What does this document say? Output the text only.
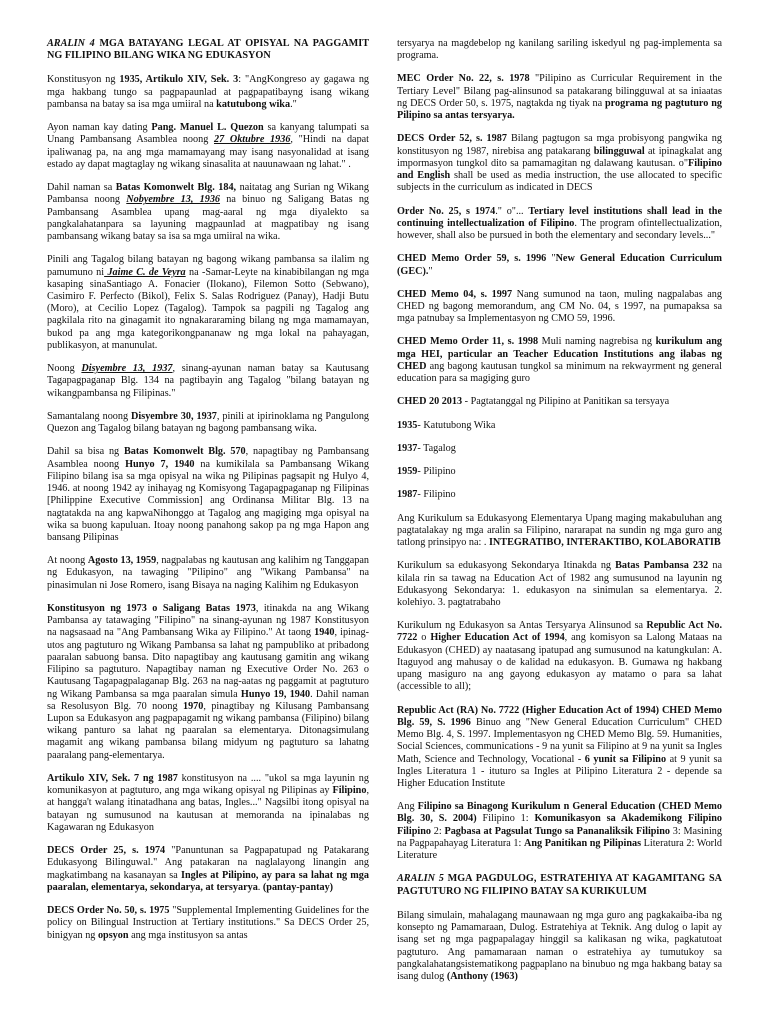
ARALIN 4 MGA BATAYANG LEGAL AT OPISYAL NA PAGGAMIT NG FILIPINO BILANG WIKA NG EDUKASYON

Konstitusyon ng 1935, Artikulo XIV, Sek. 3: "AngKongreso ay gagawa ng mga hakbang tungo sa pagpapaunlad at pagpapatibayng isang wikang pambansa na batay sa isa mga umiiral na katutubong wika."

Ayon naman kay dating Pang. Manuel L. Quezon sa kanyang talumpati sa Unang Pambansang Asamblea noong 27 Oktubre 1936, "Hindi na dapat ipaliwanag pa, na ang mga mamamayang may isang nasyonalidad at isang estado ay dapat magtaglay ng wikang sinasalita at nauunawaan ng lahat." .

Dahil naman sa Batas Komonwelt Blg. 184, naitatag ang Surian ng Wikang Pambansa noong Nobyembre 13, 1936 na binuo ng Saligang Batas ng Pambansang Asamblea upang mag-aaral ng mga diyalekto sa pangkalahatanpara sa layuning magpaunlad at magpatibay ng isang pambansang wikang batay sa isa sa mga umiiral na wika.

Pinili ang Tagalog bilang batayan ng bagong wikang pambansa sa ilalim ng pamumuno ni Jaime C. de Veyra na -Samar-Leyte na kinabibilangan ng mga kasaping sinaSantiago A. Fonacier (Ilokano), Filemon Sotto (Sebwano), Casimiro F. Perfecto (Bikol), Felix S. Salas Rodriguez (Panay), Hadji Butu (Moro), at Cecilio Lopez (Tagalog). Tampok sa pagpili ng Tagalog ang pagkilala rito na ginagamit ito ngnakararaming bilang ng mga mamamayan, bukod pa ang mga kategorikongpananaw ng mga lokal na pahayagan, publikasyon, at manunulat.

Noong Disyembre 13, 1937, sinang-ayunan naman batay sa Kautusang Tagapagpaganap Blg. 134 na pagtibayin ang Tagalog "bilang batayan ng wikangpambansa ng Filipinas."

Samantalang noong Disyembre 30, 1937, pinili at ipirinoklama ng Pangulong Quezon ang Tagalog bilang batayan ng bagong pambansang wika.

Dahil sa bisa ng Batas Komonwelt Blg. 570, napagtibay ng Pambansang Asamblea noong Hunyo 7, 1940 na kumikilala sa Pambansang Wikang Filipino bilang isa sa mga opisyal na wika ng Pilipinas pagsapit ng Hulyo 4, 1946. at noong 1942 ay inihayag ng Komisyong Tagapagpaganap ng Filipinas [Philippine Executive Commission] ang Ordinansa Militar Blg. 13 na nagtatakda na ang kapwaNihonggo at Tagalog ang magiging mga opisyal na wika sa buong kapuluan. Itoay noong panahong sakop pa ng mga Hapon ang bansang Pilipinas

At noong Agosto 13, 1959, nagpalabas ng kautusan ang kalihim ng Tanggapan ng Edukasyon, na tawaging "Pilipino" ang "Wikang Pambansa" na pinasimulan ni Jose Romero, isang Bisaya na naging Kalihim ng Edukasyon

Konstitusyon ng 1973 o Saligang Batas 1973, itinakda na ang Wikang Pambansa ay tatawaging "Filipino" na sinang-ayunan ng 1987 Konstitusyon na nagsasaad na "Ang Pambansang Wika ay Filipino." At taong 1940, ipinag-utos ang pagtuturo ng Wikang Pambansa sa lahat ng pampubliko at pribadong paaralan sabuong bansa. Dito napagtibay ang kautusang gamitin ang wikang Filipino sa pagtuturo. Napagtibay naman ng Executive Order No. 263 o Kautusang Tagapagpalaganap Blg. 263 na nag-aatas ng paggamit at pagtuturo ng Wikang Pambansa sa mga paaralan simula Hunyo 19, 1940. Dahil naman sa Resolusyon Blg. 70 noong 1970, pinagtibay ng Kilusang Pambansang Lupon sa Edukasyon ang pagpapagamit ng wikang pambansa (Filipino) bilang wikang panturo sa lahat ng paaralan sa elementarya. Ditonagsimulang magamit ang wikang pambansa bilang midyum ng pagtuturo sa lahatng paaralang pang-elementarya.

Artikulo XIV, Sek. 7 ng 1987 konstitusyon na .... "ukol sa mga layunin ng komunikasyon at pagtuturo, ang mga wikang opisyal ng Pilipinas ay Filipino, at hangga't walang itinatadhana ang batas, Ingles..." Nagsilbi itong opisyal na batayan ng sumusunod na kautusan at memoranda na ipinalabas ng Kagawaran ng Edukasyon

DECS Order 25, s. 1974 "Panuntunan sa Pagpapatupad ng Patakarang Edukasyong Bilinguwal." Ang patakaran na naglalayong linangin ang magkatimbang na kasanayan sa Ingles at Pilipino, ay para sa lahat ng mga paaralan, elementarya, sekondarya, at tersyarya. (pantay-pantay)

DECS Order No. 50, s. 1975 "Supplemental Implementing Guidelines for the policy on Bilingual Instruction at Tertiary institutions." Sa DECS Order 25, binigyan ng opsyon ang mga institusyon sa antas

tersyarya na magdebelop ng kanilang sariling iskedyul ng pag-implementa sa programa.

MEC Order No. 22, s. 1978 "Pilipino as Curricular Requirement in the Tertiary Level" Bilang pag-alinsunod sa patakarang bilingguwal at sa iniaatas ng DECS Order 50, s. 1975, nagtakda ng tiyak na programa ng pagtuturo ng Pilipino sa antas tersyarya.

DECS Order 52, s. 1987 Bilang pagtugon sa mga probisyong pangwika ng konstitusyon ng 1987, nirebisa ang patakarang bilingguwal at ipinagkalat ang impormasyon tungkol dito sa pamamagitan ng dalawang kautusan. o"Filipino and English shall be used as media instruction, the use allocated to specific subjects in the curriculum as indicated in DECS

Order No. 25, s 1974." o"... Tertiary level institutions shall lead in the continuing intellectualization of Filipino. The program ofintellectualization, however, shall also be pursued in both the elementary and secondary levels..."

CHED Memo Order 59, s. 1996 "New General Education Curriculum (GEC)."

CHED Memo 04, s. 1997 Nang sumunod na taon, muling nagpalabas ang CHED ng bagong memorandum, ang CM No. 04, s 1997, na pumapaksa sa mga patnubay sa Implementasyon ng CMO 59, 1996.

CHED Memo Order 11, s. 1998 Muli naming nagrebisa ng kurikulum ang mga HEI, particular an Teacher Education Institutions ang ilabas ng CHED ang bagong kautusan tungkol sa minimum na rekwayrment ng general education para sa magiging guro

CHED 20 2013 - Pagtatanggal ng Pilipino at Panitikan sa tersyaya

1935- Katutubong Wika

1937- Tagalog

1959- Pilipino

1987- Filipino

Ang Kurikulum sa Edukasyong Elementarya Upang maging makabuluhan ang pagtatalakay ng mga aralin sa Filipino, nararapat na sundin ng mga guro ang tatlong prinsipyo na: . INTEGRATIBO, INTERAKTIBO, KOLABORATIB

Kurikulum sa edukasyong Sekondarya Itinakda ng Batas Pambansa 232 na kilala rin sa tawag na Education Act of 1982 ang sumusunod na layunin ng Edukasyong Sekondarya: 1. edukasyon na sinimulan sa elementarya. 2. kolehiyo. 3. pagtatrabaho

Kurikulum ng Edukasyon sa Antas Tersyarya Alinsunod sa Republic Act No. 7722 o Higher Education Act of 1994, ang komisyon sa Lalong Mataas na Edukasyon (CHED) ay naatasang ipatupad ang sumusunod na katungkulan: A. Itaguyod ang mahusay o de kalidad na edukasyon. B. Gumawa ng hakbang upang masiguro na ang gayong edukasyon ay matamo o para sa lahat (accessible to all);

Republic Act (RA) No. 7722 (Higher Education Act of 1994) CHED Memo Blg. 59, S. 1996 Binuo ang "New General Education Curriculum" CHED Memo Blg. 4, S. 1997. Implementasyon ng CHED Memo Blg. 59. Humanities, Social Sciences, communications - 9 na yunit sa Filipino at 9 na yunit sa Ingles Math, Science and Technology, Vocational - 6 yunit sa Filipino at 9 yunit sa Ingles Literatura 1 - ituturo sa Ingles at Pilipino Literatura 2 - depende sa Higher Education Institute

Ang Filipino sa Binagong Kurikulum n General Education (CHED Memo Blg. 30, S. 2004) Filipino 1: Komunikasyon sa Akademikong Filipino Filipino 2: Pagbasa at Pagsulat Tungo sa Pananaliksik Filipino 3: Masining na Pagpapahayag Literatura 1: Ang Panitikan ng Pilipinas Literatura 2: World Literature

ARALIN 5 MGA PAGDULOG, ESTRATEHIYA AT KAGAMITANG SA PAGTUTURO NG FILIPINO BATAY SA KURIKULUM

Bilang simulain, mahalagang maunawaan ng mga guro ang pagkakaiba-iba ng konsepto ng Pamamaraan, Dulog. Estratehiya at Teknik. Ang dulog o lapit ay isang set ng mga pagpapalagay hinggil sa kalikasan ng wika, pagkatutoat pagtuturo. Ang pamamaraan naman o estratehiya ay tumutukoy sa pangkalahatangsistematikong pagpaplano na binubuo ng mga hakbang batay sa isang dulog (Anthony (1963)
